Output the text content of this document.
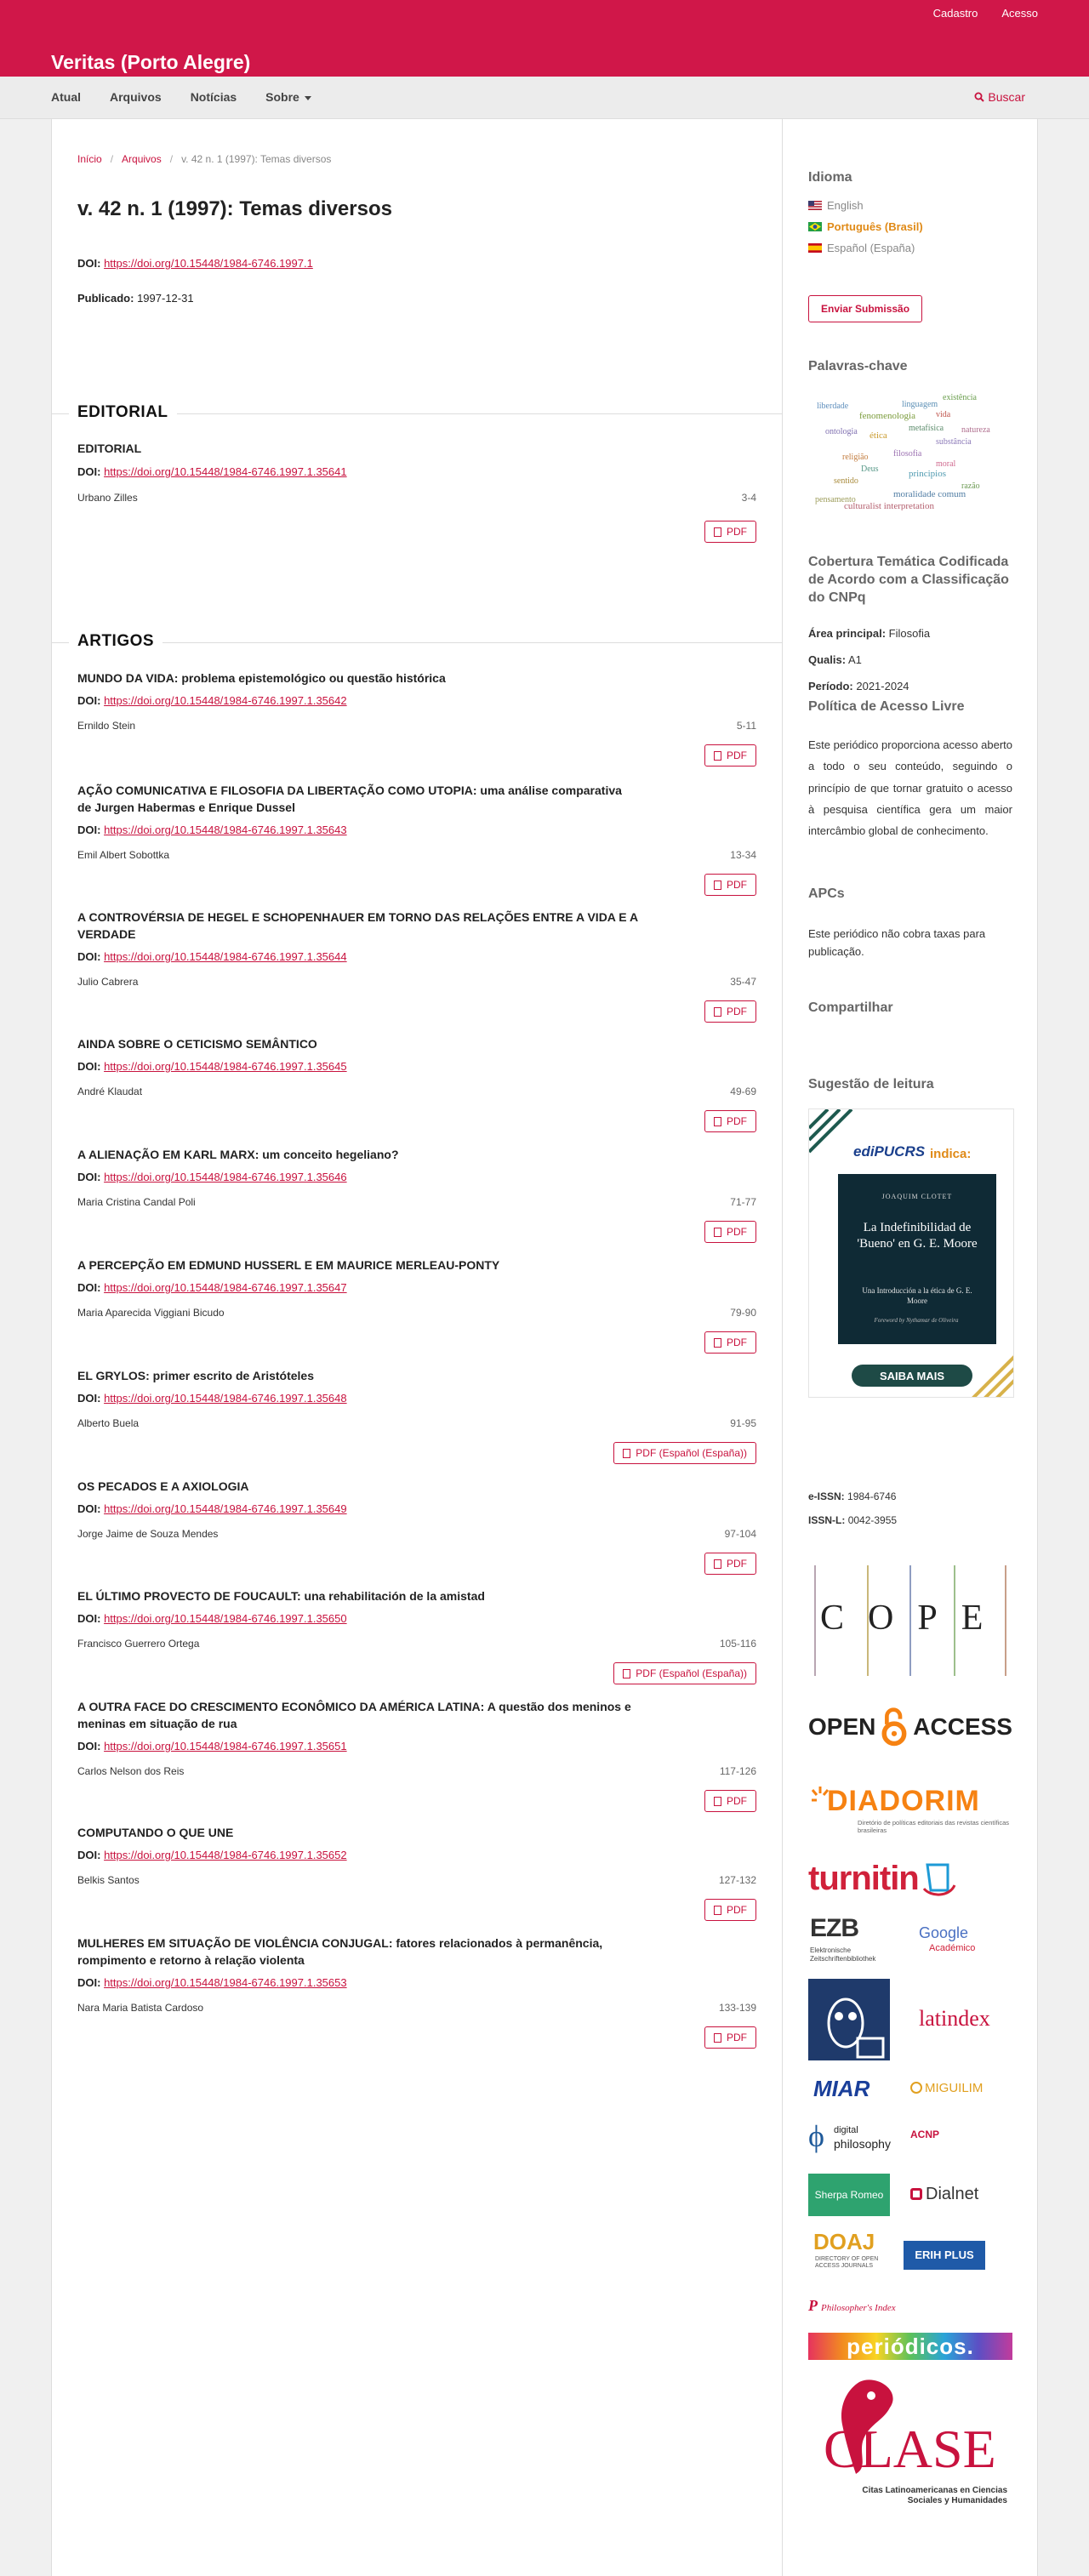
Cadastro Acesso
Veritas (Porto Alegre)
Atual Arquivos Notícias Sobre	Buscar
Início / Arquivos / v. 42 n. 1 (1997): Temas diversos
v. 42 n. 1 (1997): Temas diversos
DOI: https://doi.org/10.15448/1984-6746.1997.1
Publicado: 1997-12-31
EDITORIAL
EDITORIAL
DOI: https://doi.org/10.15448/1984-6746.1997.1.35641
Urbano Zilles	3-4
PDF
ARTIGOS
MUNDO DA VIDA: problema epistemológico ou questão histórica
DOI: https://doi.org/10.15448/1984-6746.1997.1.35642
Ernildo Stein	5-11
PDF
AÇÃO COMUNICATIVA E FILOSOFIA DA LIBERTAÇÃO COMO UTOPIA: uma análise comparativa de Jurgen Habermas e Enrique Dussel
DOI: https://doi.org/10.15448/1984-6746.1997.1.35643
Emil Albert Sobottka	13-34
PDF
A CONTROVÉRSIA DE HEGEL E SCHOPENHAUER EM TORNO DAS RELAÇÕES ENTRE A VIDA E A VERDADE
DOI: https://doi.org/10.15448/1984-6746.1997.1.35644
Julio Cabrera	35-47
PDF
AINDA SOBRE O CETICISMO SEMÂNTICO
DOI: https://doi.org/10.15448/1984-6746.1997.1.35645
André Klaudat	49-69
PDF
A ALIENAÇÃO EM KARL MARX: um conceito hegeliano?
DOI: https://doi.org/10.15448/1984-6746.1997.1.35646
Maria Cristina Candal Poli	71-77
PDF
A PERCEPÇÃO EM EDMUND HUSSERL E EM MAURICE MERLEAU-PONTY
DOI: https://doi.org/10.15448/1984-6746.1997.1.35647
Maria Aparecida Viggiani Bicudo	79-90
PDF
EL GRYLOS: primer escrito de Aristóteles
DOI: https://doi.org/10.15448/1984-6746.1997.1.35648
Alberto Buela	91-95
PDF (Español (España))
OS PECADOS E A AXIOLOGIA
DOI: https://doi.org/10.15448/1984-6746.1997.1.35649
Jorge Jaime de Souza Mendes	97-104
PDF
EL ÚLTIMO PROVECTO DE FOUCAULT: una rehabilitación de la amistad
DOI: https://doi.org/10.15448/1984-6746.1997.1.35650
Francisco Guerrero Ortega	105-116
PDF (Español (España))
A OUTRA FACE DO CRESCIMENTO ECONÔMICO DA AMÉRICA LATINA: A questão dos meninos e meninas em situação de rua
DOI: https://doi.org/10.15448/1984-6746.1997.1.35651
Carlos Nelson dos Reis	117-126
PDF
COMPUTANDO O QUE UNE
DOI: https://doi.org/10.15448/1984-6746.1997.1.35652
Belkis Santos	127-132
PDF
MULHERES EM SITUAÇÃO DE VIOLÊNCIA CONJUGAL: fatores relacionados à permanência, rompimento e retorno à relação violenta
DOI: https://doi.org/10.15448/1984-6746.1997.1.35653
Nara Maria Batista Cardoso	133-139
PDF
Idioma
English
Português (Brasil)
Español (España)
Enviar Submissão
Palavras-chave
fenomenologia
ética
linguagem
vida
filosofia
metafísica
principios
moralidade comum
culturalist interpretation
substância
existência
religião
moral
Deus
sentido
ontologia
razão
pensamento
natureza
liberdade
Cobertura Temática Codificada de Acordo com a Classificação do CNPq
Área principal: Filosofia
Qualis: A1
Período: 2021-2024
Política de Acesso Livre
Este periódico proporciona acesso aberto a todo o seu conteúdo, seguindo o princípio de que tornar gratuito o acesso à pesquisa científica gera um maior intercâmbio global de conhecimento.
APCs
Este periódico não cobra taxas para publicação.
Compartilhar
Sugestão de leitura
ediPUCRS indica:
JOAQUIM CLOTET
La Indefinibilidad de 'Bueno' en G. E. Moore
Una Introducción a la ética de G. E. Moore
Foreword by Nythamar de Oliveira
SAIBA MAIS
e-ISSN: 1984-6746
ISSN-L: 0042-3955
COPE
OPEN ACCESS
DIADORIM
Diretório de políticas editoriais das revistas científicas brasileiras
turnitin
EZB
Elektronische Zeitschriftenbibliothek
Google
Académico
latindex
MIAR	MIGUILIM
ϕ digital
philosophy
ACNP
Sherpa Romeo	Dialnet
DOAJ
DIRECTORY OF OPEN ACCESS JOURNALS
ERIH PLUS
P Philosopher's Index
periódicos.
CLASE
Citas Latinoamericanas en Ciencias Sociales y Humanidades
